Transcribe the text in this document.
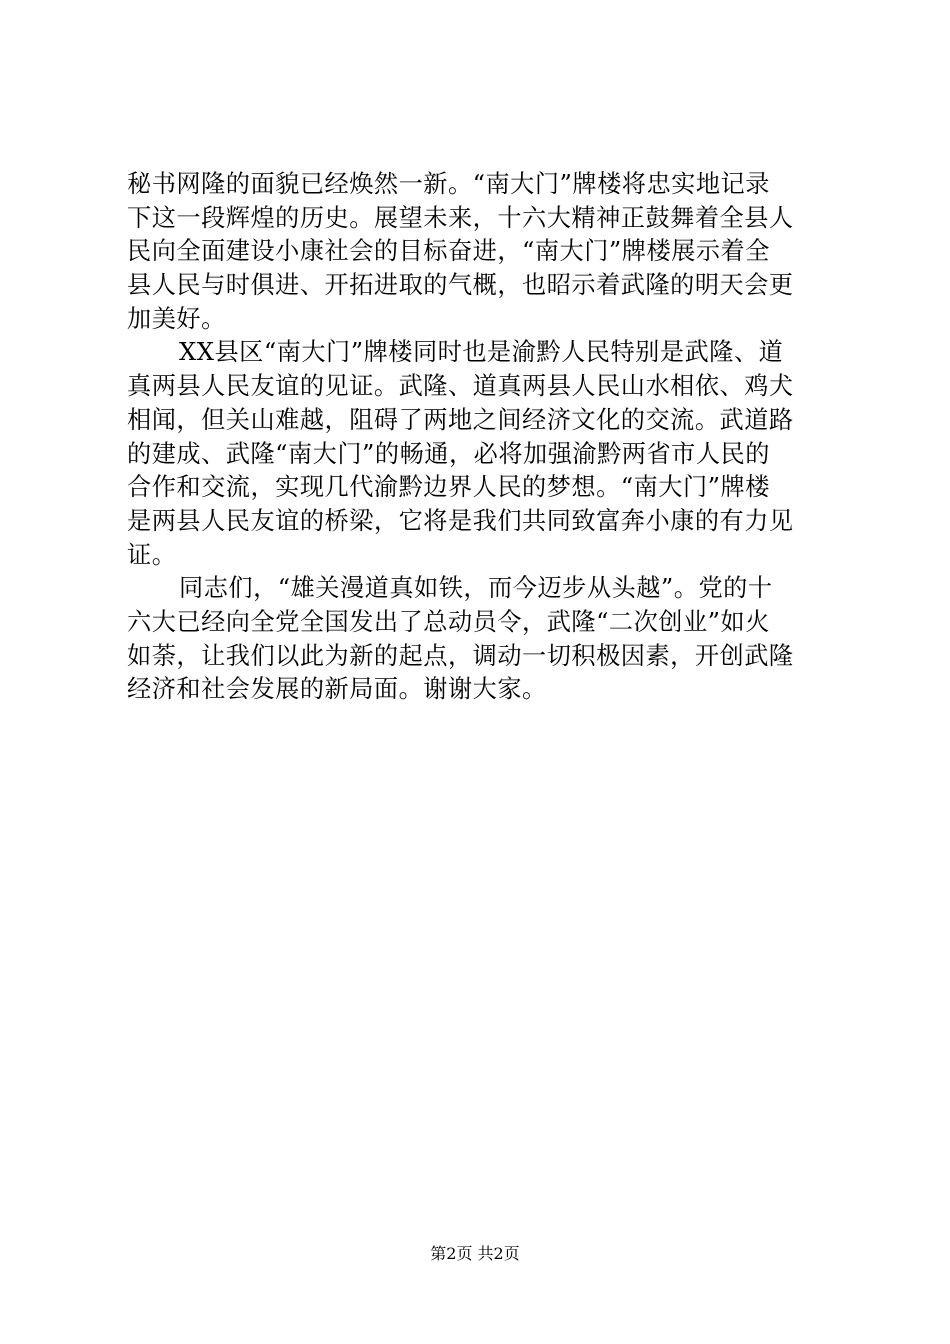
秘书网隆的面貌已经焕然一新。“南大门”牌楼将忠实地记录
下这一段辉煌的历史。展望未来，十六大精神正鼓舞着全县人
民向全面建设小康社会的目标奋进，“南大门”牌楼展示着全
县人民与时俱进、开拓进取的气概，也昭示着武隆的明天会更
加美好。
XX县区“南大门”牌楼同时也是渝黔人民特别是武隆、道
真两县人民友谊的见证。武隆、道真两县人民山水相依、鸡犬
相闻，但关山难越，阻碍了两地之间经济文化的交流。武道路
的建成、武隆“南大门”的畅通，必将加强渝黔两省市人民的
合作和交流，实现几代渝黔边界人民的梦想。“南大门”牌楼
是两县人民友谊的桥梁，它将是我们共同致富奔小康的有力见
证。
同志们，“雄关漫道真如铁，而今迈步从头越”。党的十
六大已经向全党全国发出了总动员令，武隆“二次创业”如火
如荼，让我们以此为新的起点，调动一切积极因素，开创武隆
经济和社会发展的新局面。谢谢大家。
第2页 共2页
